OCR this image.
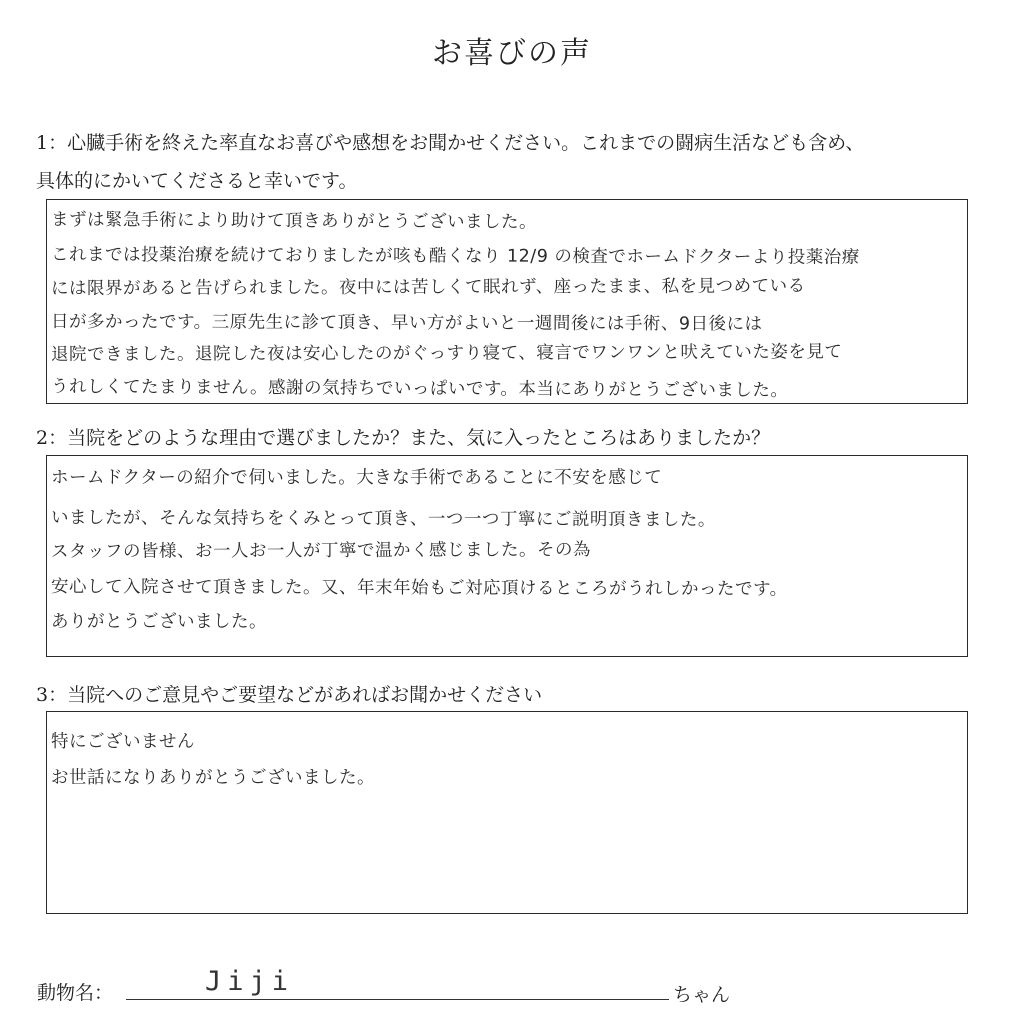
お喜びの声
1：心臓手術を終えた率直なお喜びや感想をお聞かせください。これまでの闘病生活なども含め、
具体的にかいてくださると幸いです。
まずは緊急手術により助けて頂きありがとうございました。
これまでは投薬治療を続けておりましたが咳も酷くなり 12/9 の検査でホームドクターより投薬治療
には限界があると告げられました。夜中には苦しくて眠れず、座ったまま、私を見つめている
日が多かったです。三原先生に診て頂き、早い方がよいと一週間後には手術、9日後には
退院できました。退院した夜は安心したのがぐっすり寝て、寝言でワンワンと吠えていた姿を見て
うれしくてたまりません。感謝の気持ちでいっぱいです。本当にありがとうございました。
2：当院をどのような理由で選びましたか？また、気に入ったところはありましたか？
ホームドクターの紹介で伺いました。大きな手術であることに不安を感じて
いましたが、そんな気持ちをくみとって頂き、一つ一つ丁寧にご説明頂きました。
スタッフの皆様、お一人お一人が丁寧で温かく感じました。その為
安心して入院させて頂きました。又、年末年始もご対応頂けるところがうれしかったです。
ありがとうございました。
3：当院へのご意見やご要望などがあればお聞かせください
特にございません
お世話になりありがとうございました。
動物名：	Jiji	ちゃん
